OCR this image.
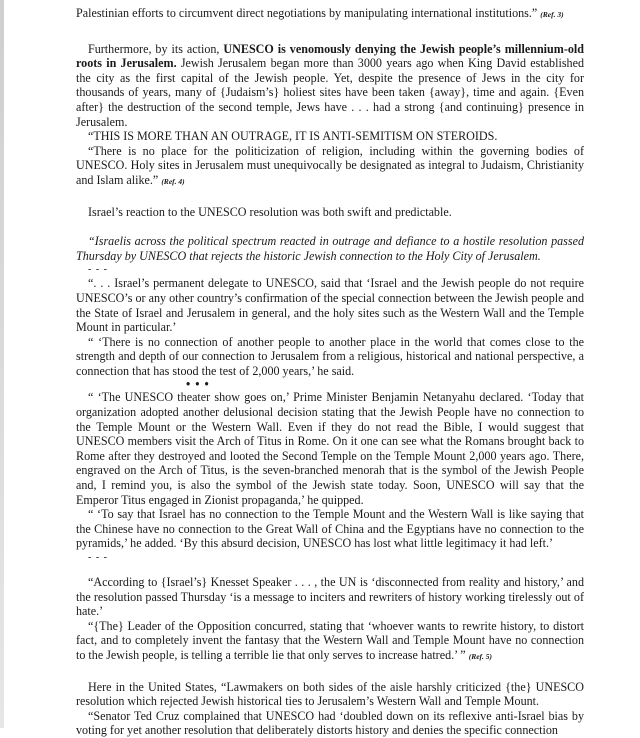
Palestinian efforts to circumvent direct negotiations by manipulating international institutions.” (Ref. 3)

Furthermore, by its action, UNESCO is venomously denying the Jewish people’s millennium-old roots in Jerusalem. Jewish Jerusalem began more than 3000 years ago when King David established the city as the first capital of the Jewish people. Yet, despite the presence of Jews in the city for thousands of years, many of {Judaism’s} holiest sites have been taken {away}, time and again. {Even after} the destruction of the second temple, Jews have . . . had a strong {and continuing} presence in Jerusalem.

“THIS IS MORE THAN AN OUTRAGE, IT IS ANTI-SEMITISM ON STEROIDS.

“There is no place for the politicization of religion, including within the governing bodies of UNESCO. Holy sites in Jerusalem must unequivocally be designated as integral to Judaism, Christianity and Islam alike.” (Ref. 4)

Israel’s reaction to the UNESCO resolution was both swift and predictable.

“Israelis across the political spectrum reacted in outrage and defiance to a hostile resolution passed Thursday by UNESCO that rejects the historic Jewish connection to the Holy City of Jerusalem.

- - -

“. . . Israel’s permanent delegate to UNESCO, said that ‘Israel and the Jewish people do not require UNESCO’s or any other country’s confirmation of the special connection between the Jewish people and the State of Israel and Jerusalem in general, and the holy sites such as the Western Wall and the Temple Mount in particular.’

“ ‘There is no connection of another people to another place in the world that comes close to the strength and depth of our connection to Jerusalem from a religious, historical and national perspective, a connection that has stood the test of 2,000 years,’ he said.

• • •

“ ‘The UNESCO theater show goes on,’ Prime Minister Benjamin Netanyahu declared. ‘Today that organization adopted another delusional decision stating that the Jewish People have no connection to the Temple Mount or the Western Wall. Even if they do not read the Bible, I would suggest that UNESCO members visit the Arch of Titus in Rome. On it one can see what the Romans brought back to Rome after they destroyed and looted the Second Temple on the Temple Mount 2,000 years ago. There, engraved on the Arch of Titus, is the seven-branched menorah that is the symbol of the Jewish People and, I remind you, is also the symbol of the Jewish state today. Soon, UNESCO will say that the Emperor Titus engaged in Zionist propaganda,’ he quipped.

“ ‘To say that Israel has no connection to the Temple Mount and the Western Wall is like saying that the Chinese have no connection to the Great Wall of China and the Egyptians have no connection to the pyramids,’ he added. ‘By this absurd decision, UNESCO has lost what little legitimacy it had left.’

- - -

“According to {Israel’s} Knesset Speaker . . . , the UN is ‘disconnected from reality and history,’ and the resolution passed Thursday ‘is a message to inciters and rewriters of history working tirelessly out of hate.’

“{The} Leader of the Opposition concurred, stating that ‘whoever wants to rewrite history, to distort fact, and to completely invent the fantasy that the Western Wall and Temple Mount have no connection to the Jewish people, is telling a terrible lie that only serves to increase hatred.’ ” (Ref. 5)

Here in the United States, “Lawmakers on both sides of the aisle harshly criticized {the} UNESCO resolution which rejected Jewish historical ties to Jerusalem’s Western Wall and Temple Mount.

“Senator Ted Cruz complained that UNESCO had ‘doubled down on its reflexive anti-Israel bias by voting for yet another resolution that deliberately distorts history and denies the specific connection
